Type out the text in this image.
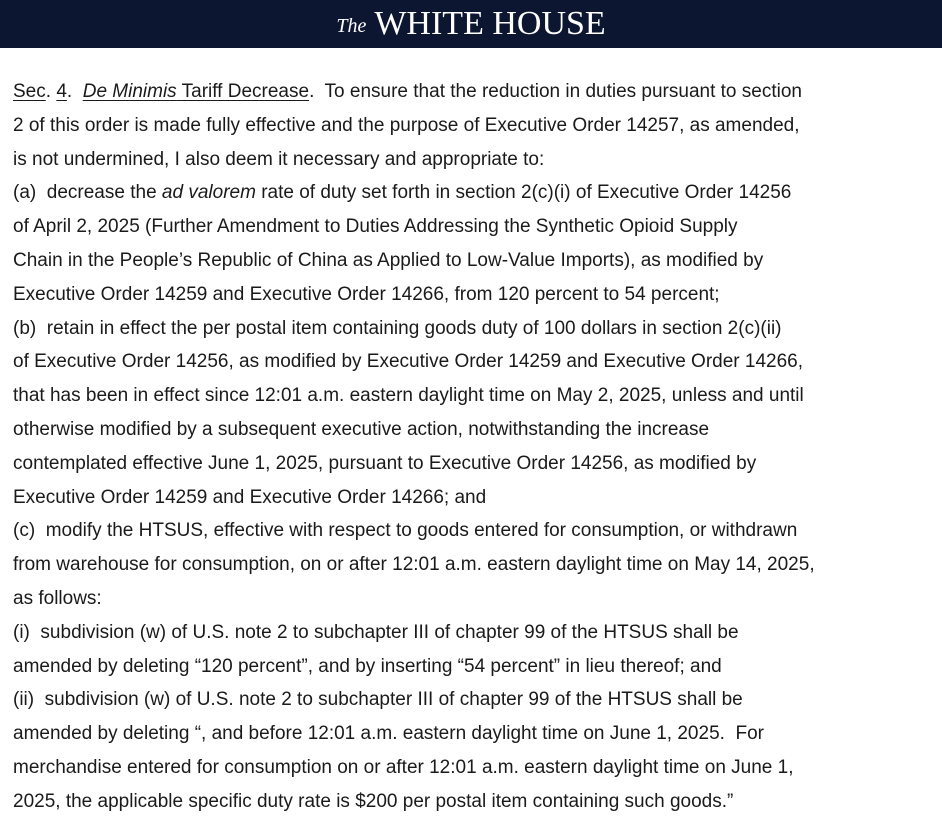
The WHITE HOUSE
Sec. 4. De Minimis Tariff Decrease.  To ensure that the reduction in duties pursuant to section
2 of this order is made fully effective and the purpose of Executive Order 14257, as amended,
is not undermined, I also deem it necessary and appropriate to:
(a)  decrease the ad valorem rate of duty set forth in section 2(c)(i) of Executive Order 14256
of April 2, 2025 (Further Amendment to Duties Addressing the Synthetic Opioid Supply
Chain in the People’s Republic of China as Applied to Low-Value Imports), as modified by
Executive Order 14259 and Executive Order 14266, from 120 percent to 54 percent;
(b)  retain in effect the per postal item containing goods duty of 100 dollars in section 2(c)(ii)
of Executive Order 14256, as modified by Executive Order 14259 and Executive Order 14266,
that has been in effect since 12:01 a.m. eastern daylight time on May 2, 2025, unless and until
otherwise modified by a subsequent executive action, notwithstanding the increase
contemplated effective June 1, 2025, pursuant to Executive Order 14256, as modified by
Executive Order 14259 and Executive Order 14266; and
(c)  modify the HTSUS, effective with respect to goods entered for consumption, or withdrawn
from warehouse for consumption, on or after 12:01 a.m. eastern daylight time on May 14, 2025,
as follows:
(i)  subdivision (w) of U.S. note 2 to subchapter III of chapter 99 of the HTSUS shall be
amended by deleting “120 percent”, and by inserting “54 percent” in lieu thereof; and
(ii)  subdivision (w) of U.S. note 2 to subchapter III of chapter 99 of the HTSUS shall be
amended by deleting “, and before 12:01 a.m. eastern daylight time on June 1, 2025.  For
merchandise entered for consumption on or after 12:01 a.m. eastern daylight time on June 1,
2025, the applicable specific duty rate is $200 per postal item containing such goods.”
